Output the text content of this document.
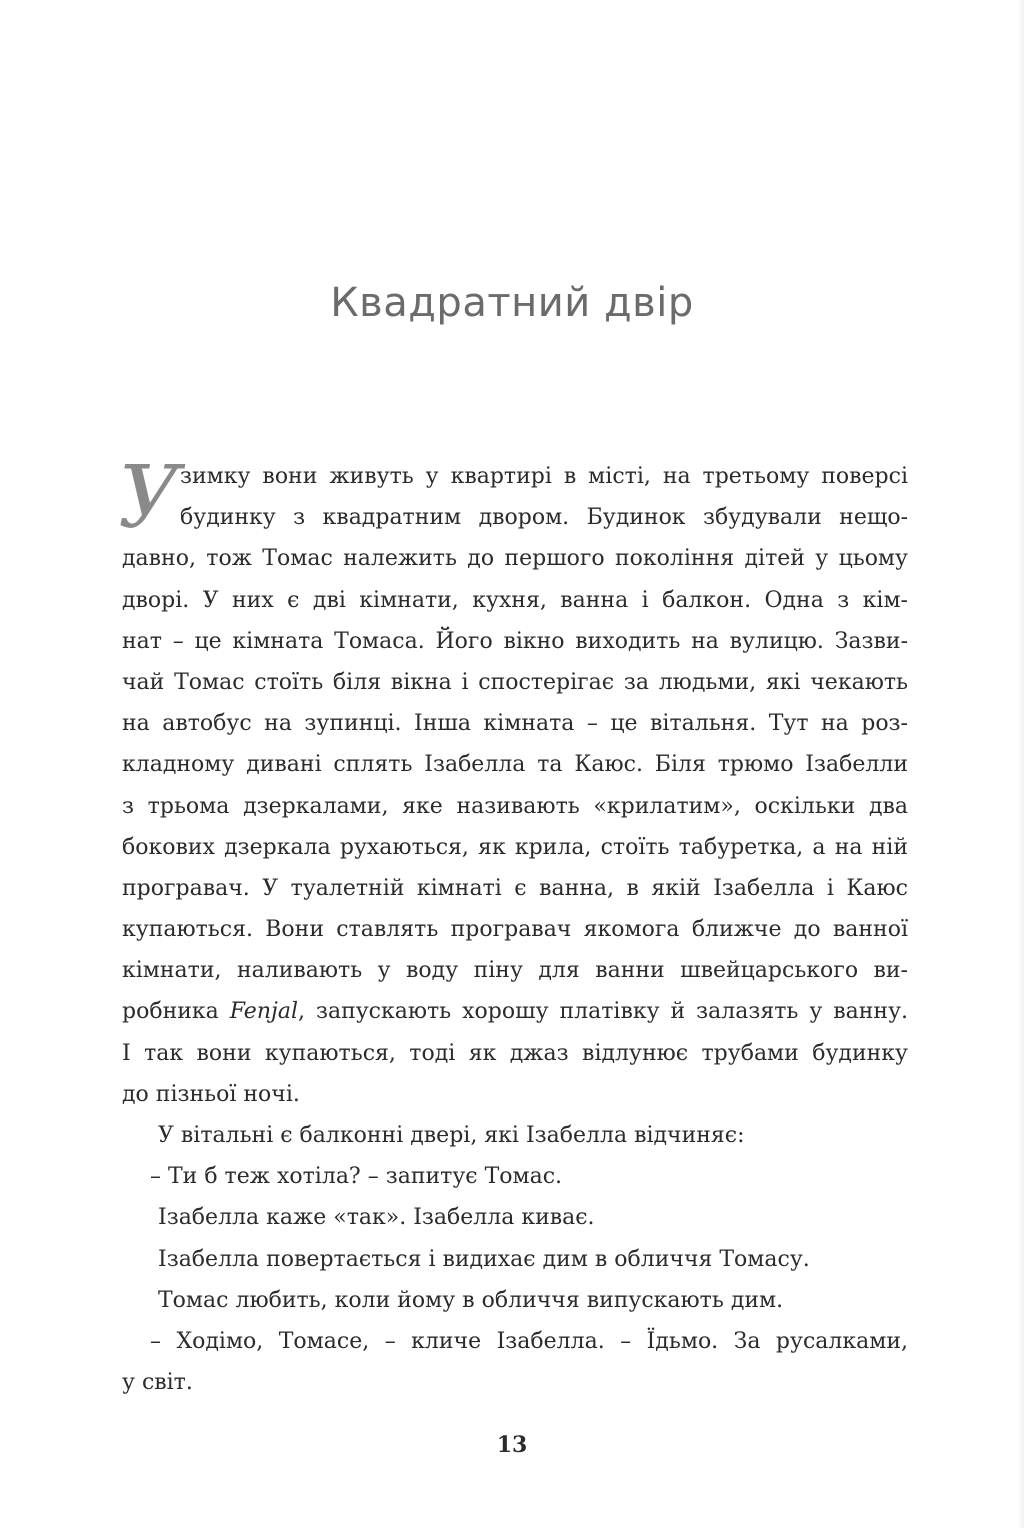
Квадратний двір
У зимку вони живуть у квартирі в місті, на третьому поверсі
будинку з квадратним двором. Будинок збудували нещо-
давно, тож Томас належить до першого покоління дітей у цьому
дворі. У них є дві кімнати, кухня, ванна і балкон. Одна з кім-
нат – це кімната Томаса. Його вікно виходить на вулицю. Зазви-
чай Томас стоїть біля вікна і спостерігає за людьми, які чекають
на автобус на зупинці. Інша кімната – це вітальня. Тут на роз-
кладному дивані сплять Ізабелла та Каюс. Біля трюмо Ізабелли
з трьома дзеркалами, яке називають «крилатим», оскільки два
бокових дзеркала рухаються, як крила, стоїть табуретка, а на ній
програвач. У туалетній кімнаті є ванна, в якій Ізабелла і Каюс
купаються. Вони ставлять програвач якомога ближче до ванної
кімнати, наливають у воду піну для ванни швейцарського ви-
робника Fenjal, запускають хорошу платівку й залазять у ванну.
І так вони купаються, тоді як джаз відлунює трубами будинку
до пізньої ночі.
У вітальні є балконні двері, які Ізабелла відчиняє:
– Ти б теж хотіла? – запитує Томас.
Ізабелла каже «так». Ізабелла киває.
Ізабелла повертається і видихає дим в обличчя Томасу.
Томас любить, коли йому в обличчя випускають дим.
– Ходімо, Томасе, – кличе Ізабелла. – Їдьмо. За русалками,
у світ.
13
